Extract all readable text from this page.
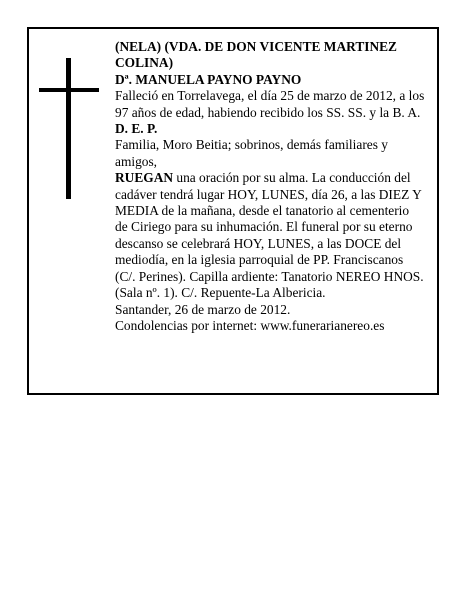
(NELA) (VDA. DE DON VICENTE MARTINEZ COLINA)

Dª. MANUELA PAYNO PAYNO

Falleció en Torrelavega, el día 25 de marzo de 2012, a los 97 años de edad, habiendo recibido los SS. SS. y la B. A.

D. E. P.

Familia, Moro Beitia; sobrinos, demás familiares y amigos,

RUEGAN una oración por su alma. La conducción del cadáver tendrá lugar HOY, LUNES, día 26, a las DIEZ Y MEDIA de la mañana, desde el tanatorio al cementerio de Ciriego para su inhumación. El funeral por su eterno descanso se celebrará HOY, LUNES, a las DOCE del mediodía, en la iglesia parroquial de PP. Franciscanos (C/. Perines). Capilla ardiente: Tanatorio NEREO HNOS. (Sala nº. 1). C/. Repuente-La Albericia.

Santander, 26 de marzo de 2012.

Condolencias por internet: www.funerarianereo.es
